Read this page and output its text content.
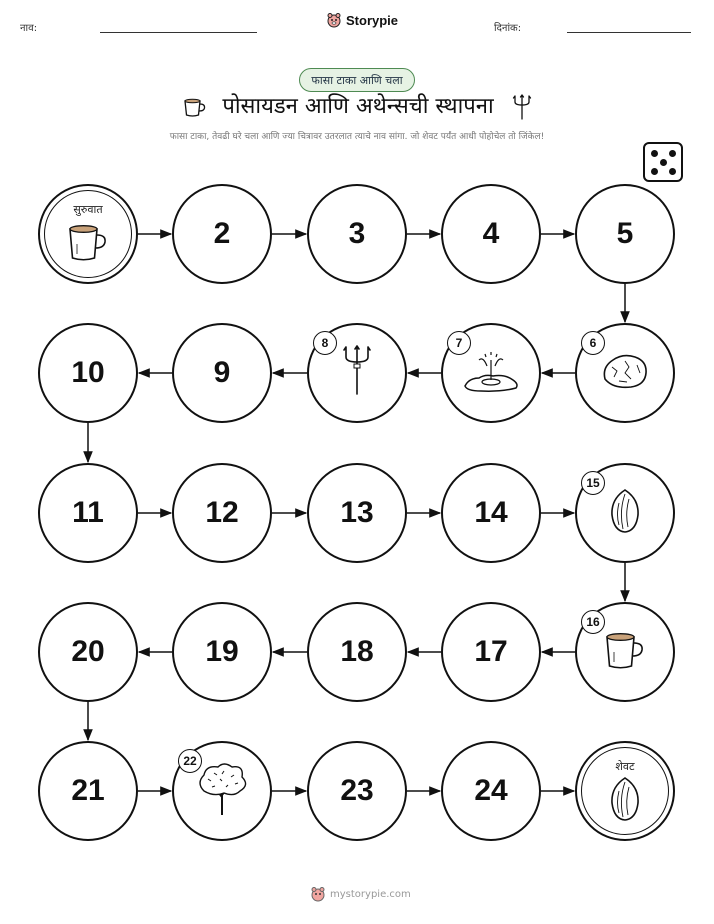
नाव:
Storypie
दिनांक:
फासा टाका आणि चला
पोसायडन आणि अथेन्सची स्थापना
फासा टाका, तेवढी घरे चला आणि ज्या चित्रावर उतरलात त्याचे नाव सांगा. जो शेवट पर्यंत आधी पोहोचेल तो जिंकेल!
सुरुवात
2	3	4	5
6
7
8
9
10
11	12	13	14
15
16
17
18
19
20
21
22
23	24
शेवट
mystorypie.com
